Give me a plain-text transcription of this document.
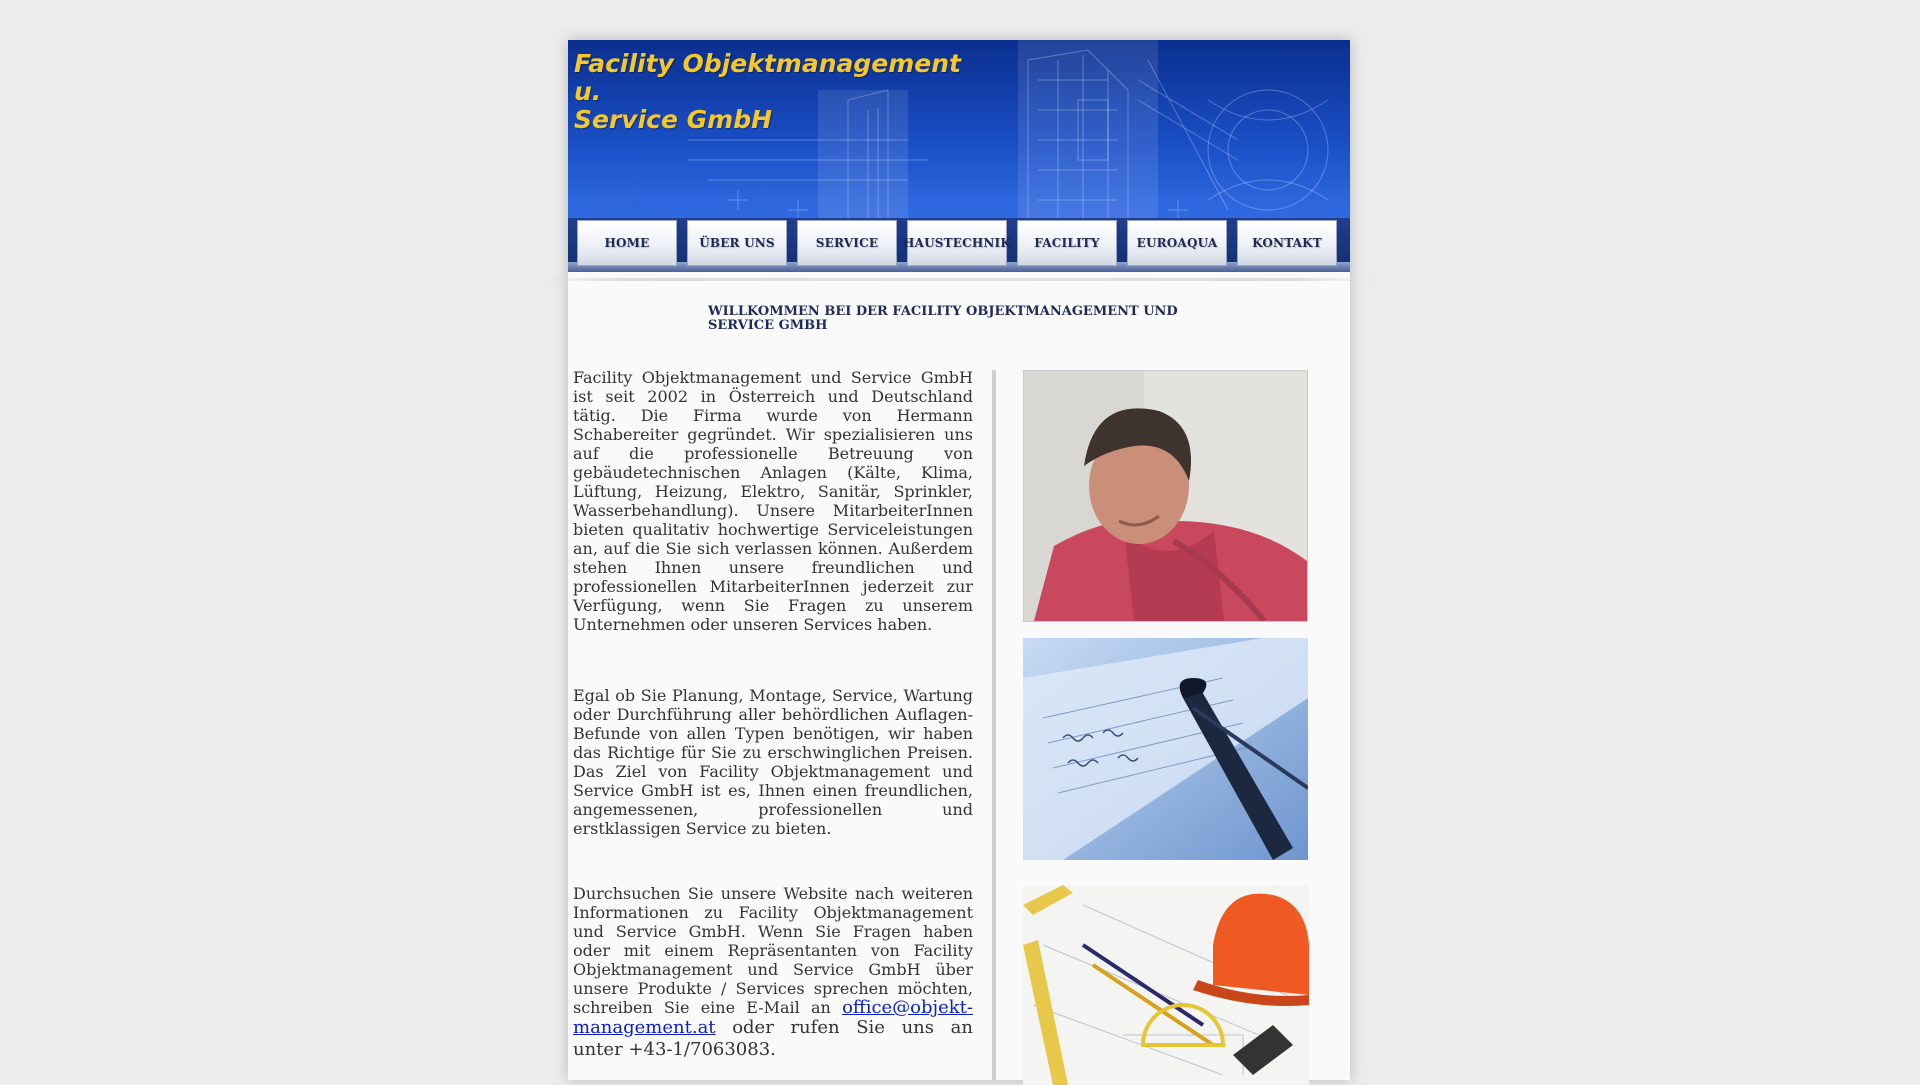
Facility Objektmanagement u.
Service GmbH
HOME	ÜBER UNS	SERVICE	HAUSTECHNIK	FACILITY	EUROAQUA	KONTAKT
WILLKOMMEN BEI DER FACILITY OBJEKTMANAGEMENT UND SERVICE GMBH
Facility Objektmanagement und Service GmbH ist seit 2002 in Österreich und Deutschland tätig. Die Firma wurde von Hermann Schabereiter gegründet. Wir spezialisieren uns auf die professionelle Betreuung von gebäudetechnischen Anlagen (Kälte, Klima, Lüftung, Heizung, Elektro, Sanitär, Sprinkler, Wasserbehandlung). Unsere MitarbeiterInnen bieten qualitativ hochwertige Serviceleistungen an, auf die Sie sich verlassen können. Außerdem stehen Ihnen unsere freundlichen und professionellen MitarbeiterInnen jederzeit zur Verfügung, wenn Sie Fragen zu unserem Unternehmen oder unseren Services haben.
Egal ob Sie Planung, Montage, Service, Wartung oder Durchführung aller behördlichen Auflagen-Befunde von allen Typen benötigen, wir haben das Richtige für Sie zu erschwinglichen Preisen. Das Ziel von Facility Objektmanagement und Service GmbH ist es, Ihnen einen freundlichen, angemessenen, professionellen und erstklassigen Service zu bieten.
Durchsuchen Sie unsere Website nach weiteren Informationen zu Facility Objektmanagement und Service GmbH. Wenn Sie Fragen haben oder mit einem Repräsentanten von Facility Objektmanagement und Service GmbH über unsere Produkte / Services sprechen möchten, schreiben Sie eine E-Mail an office@objekt-management.at oder rufen Sie uns an unter +43-1/7063083.
